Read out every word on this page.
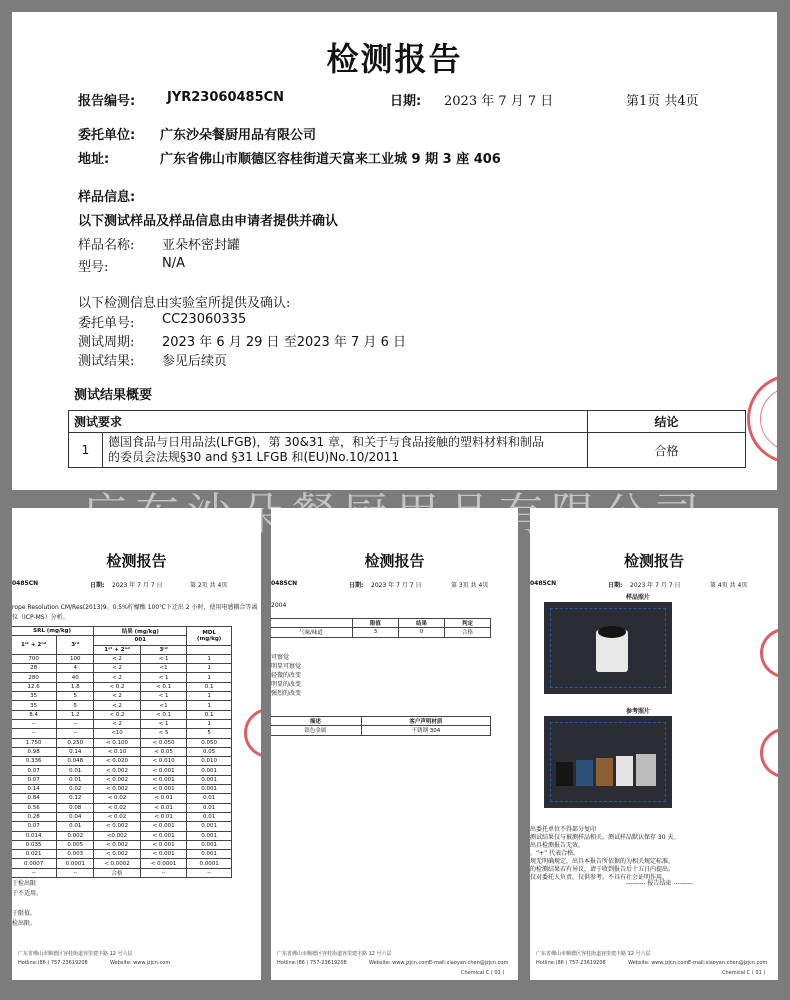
检测报告
报告编号: JYR23060485CN	日期: 2023 年 7 月 7 日	第1页 共4页
委托单位: 广东沙朵餐厨用品有限公司
地址:	广东省佛山市顺德区容桂街道天富来工业城 9 期 3 座 406
样品信息:
以下测试样品及样品信息由申请者提供并确认
样品名称: 亚朵杯密封罐
型号:	N/A
以下检测信息由实验室所提供及确认:
委托单号: CC23060335
测试周期: 2023 年 6 月 29 日 至2023 年 7 月 6 日
测试结果: 参见后续页
测试结果概要
测试要求		结论
1	德国食品与日用品法(LFGB)，第 30&31 章，和关于与食品接触的塑料材料和制品
的委员会法规§30 and §31 LFGB 和(EU)No.10/2011	合格
检测报告
0485CN	日期: 2023 年 7 月 7 日	第 2页 共 4页
rope Resolution CM/Res(2013)9。0.5%柠檬酸 100℃下迁出 2 小时，使用电感耦合等离
仪（ICP-MS）分析。
SRL (mg/kg)		结果 (mg/kg)		MDL
(mg/kg)

1ˢᵗ + 2ⁿᵈ	3ʳᵈ	001		
		1ˢᵗ + 2ⁿᵈ	3ʳᵈ	
700	100	< 2	< 1	1
28	4	< 2	<1	1
280	40	< 2	< 1	1
12.6	1.8	< 0.2	< 0.1	0.1
35	5	< 2	< 1	1
35	5	< 2	<1	1
8.4	1.2	< 0.2	< 0.1	0.1
--	--	< 2	< 1	1
--	--	<10	< 5	5
1.750	0.250	< 0.100	< 0.050	0.050
0.98	0.14	< 0.10	< 0.05	0.05
0.336	0.048	< 0.020	< 0.010	0.010
0.07	0.01	< 0.002	< 0.001	0.001
0.07	0.01	< 0.002	< 0.001	0.001
0.14	0.02	< 0.002	< 0.001	0.001
0.84	0.12	< 0.02	< 0.01	0.01
0.56	0.08	< 0.02	< 0.01	0.01
0.28	0.04	< 0.02	< 0.01	0.01
0.07	0.01	< 0.002	< 0.001	0.001
0.014	0.002	<0.002	< 0.001	0.001
0.035	0.005	< 0.002	< 0.001	0.001
0.021	0.003	< 0.002	< 0.001	0.001
0.0007	0.0001	< 0.0002	< 0.0001	0.0001
--	--	合格	--	--
于检出限
于不适用。
于限值。
检出限。
广东省佛山市顺德区容桂街道容里建丰路 12 号六层
Hotline:(86 ) 757-23619208	Website: www.jzjcn.com
检测报告
0485CN	日期: 2023 年 7 月 7 日	第 3页 共 4页
2004
	限值	结果	判定
气味/味道	3	0	合格
可察觉
明显可察觉
轻微的改变
明显的改变
强烈的改变
描述	客户声明材质
银色金属	不锈钢 304
广东省佛山市顺德区容桂街道容里建丰路 12 号六层
Hotline:(86 ) 757-23619208	Website: www.jzjcn.com E-mail:xiaoyan.chen@jzjcn.com
Chemical C ( 01 )
检测报告
0485CN	日期: 2023 年 7 月 7 日	第 4页 共 4页
样品照片
参考照片
出委托单位不得部分复印
测试结果仅与被测样品相关。测试样品默认保存 30 天。
出具检测报告无效。
，“+” 代表合格。
规无明确规定，出具本报告所依据的为相关规定标准。
的检测结果若有异议，请于收到报告后十五日内提出。
仅对委托人负责，仅供参考。不具有社会证明作用。
--------- 报告结束 ---------
广东省佛山市顺德区容桂街道容里建丰路 12 号六层
Hotline:(86 ) 757-23619208	Website: www.jzjcn.com E-mail:xiaoyan.chen@jzjcn.com
Chemical C ( 01 )
